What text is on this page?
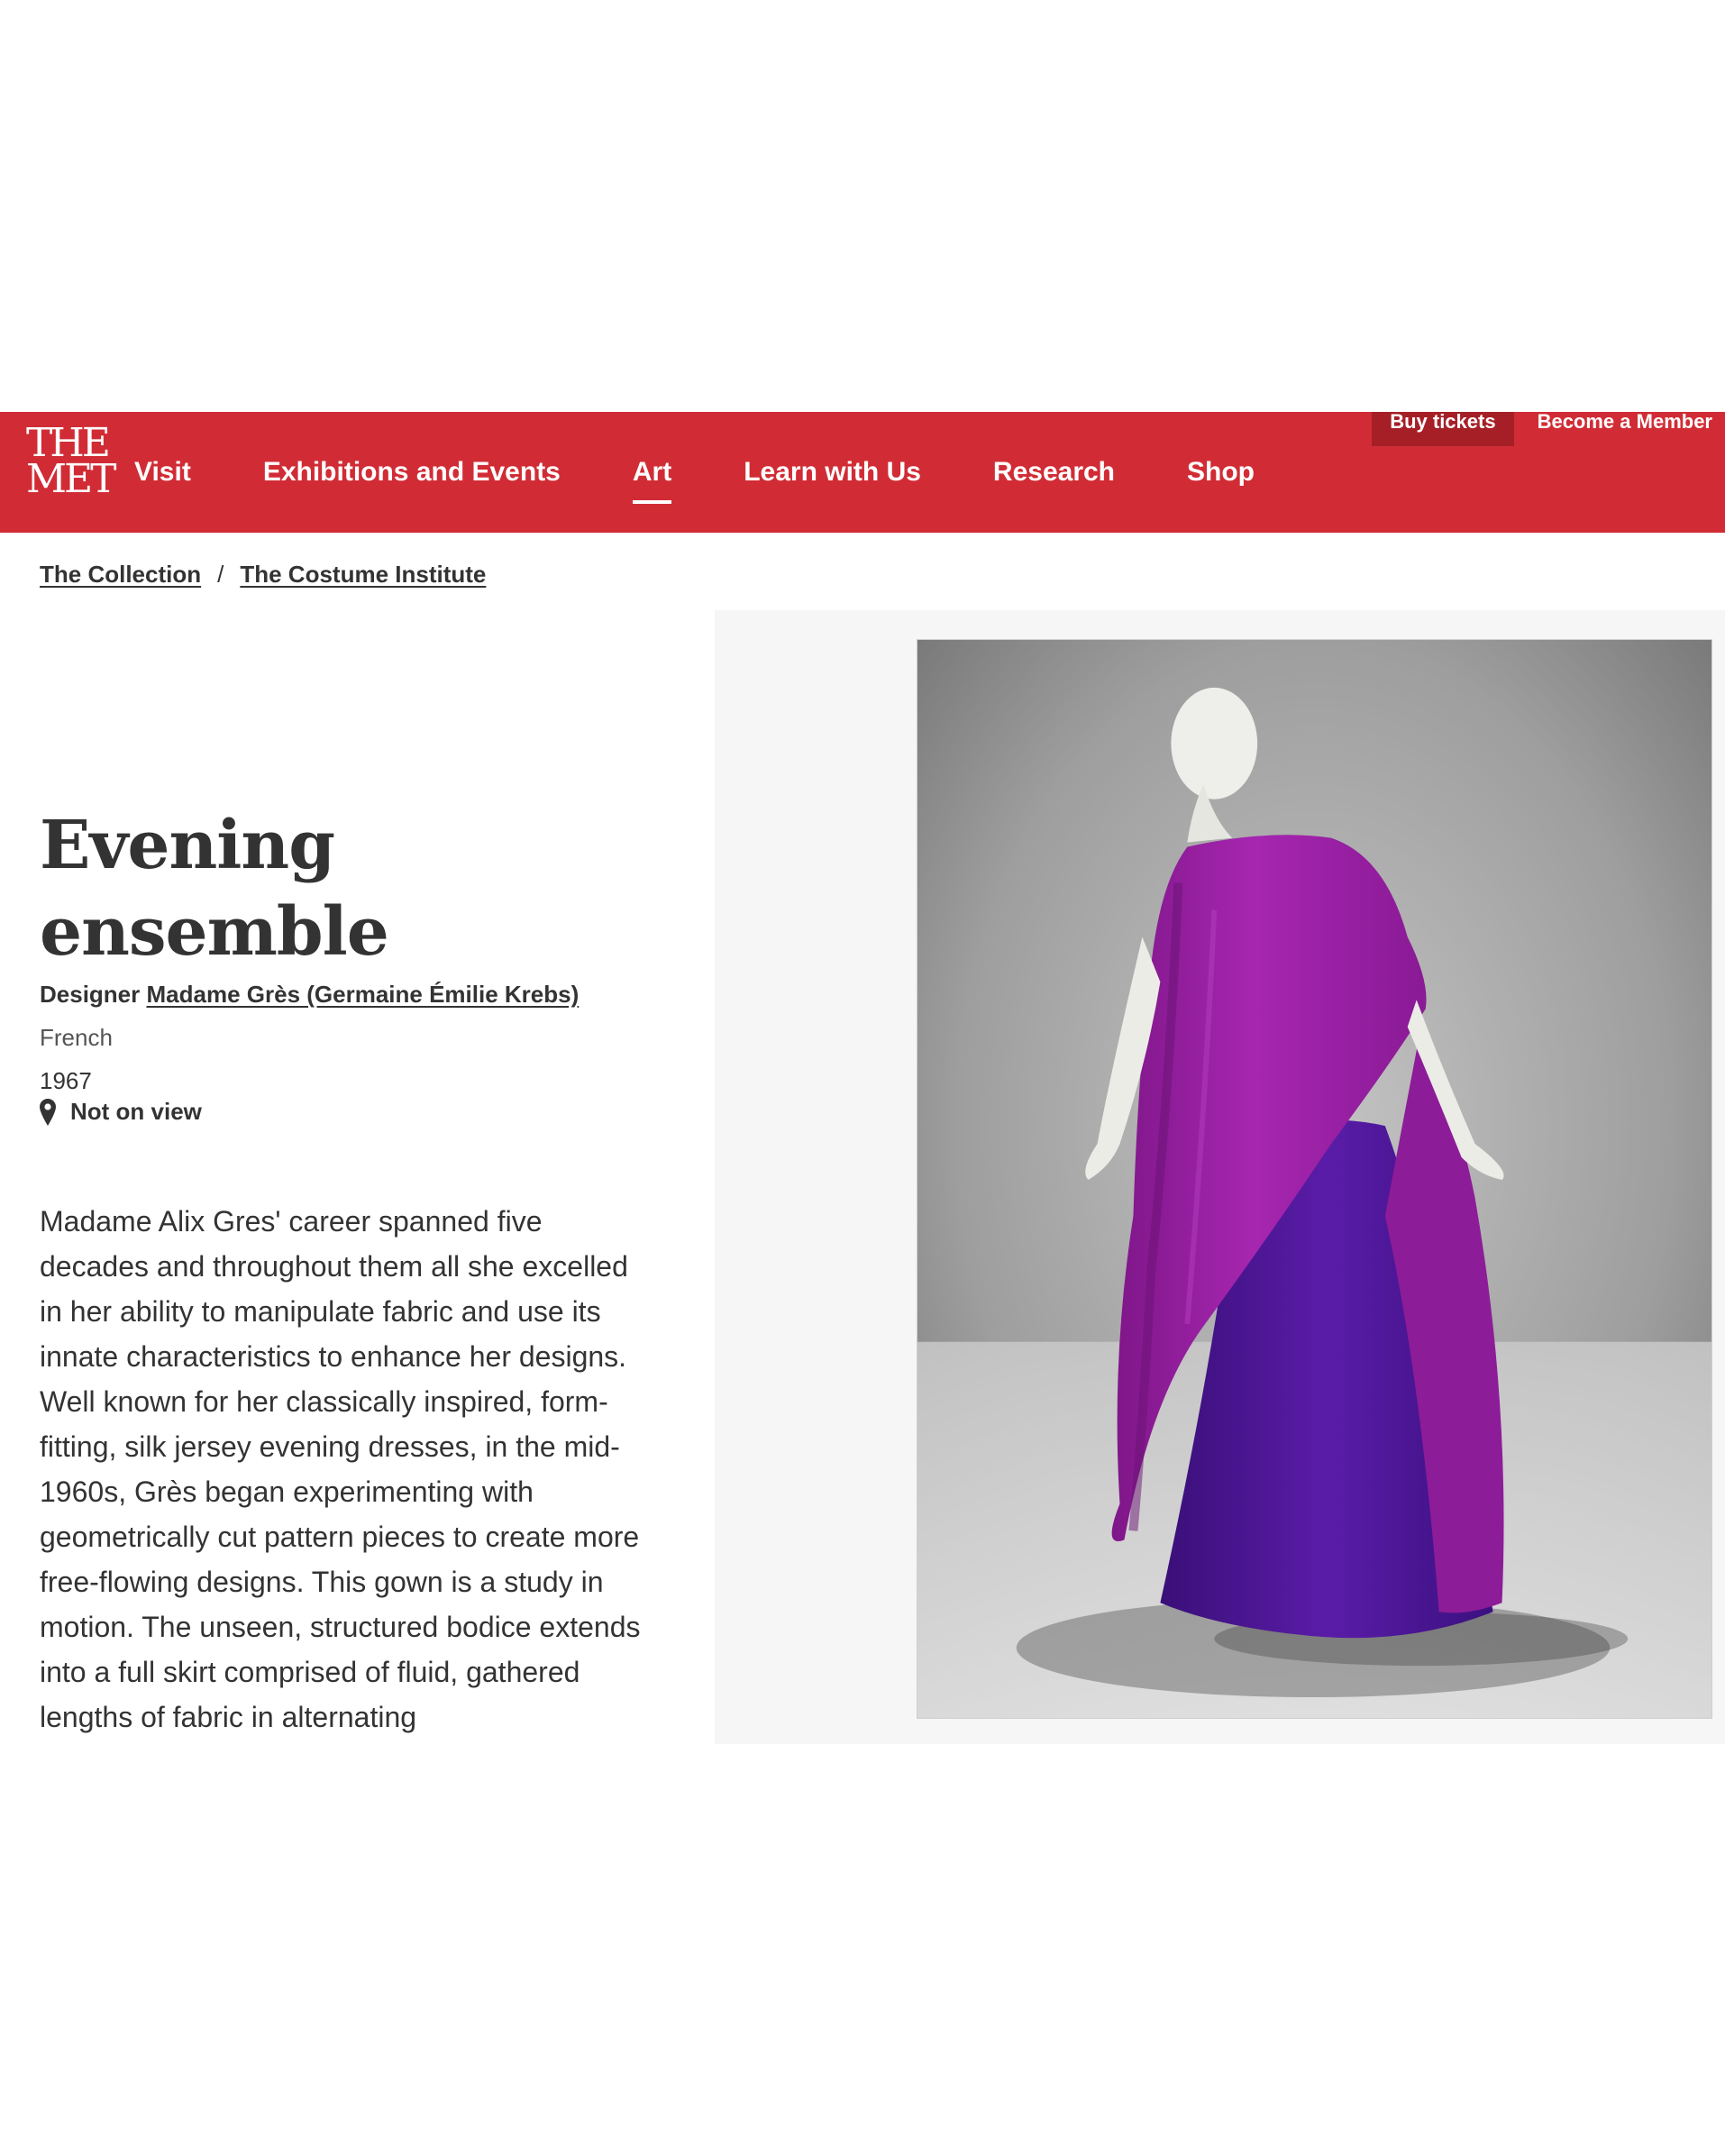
THE
MET Visit	Exhibitions and Events	Art	Learn with Us	Research	Shop
Buy tickets	Become a Member
The Collection / The Costume Institute
Evening ensemble
Designer Madame Grès (Germaine Émilie Krebs)
French
1967
Not on view

Madame Alix Gres' career spanned five decades and throughout them all she excelled in her ability to manipulate fabric and use its innate characteristics to enhance her designs. Well known for her classically inspired, form-fitting, silk jersey evening dresses, in the mid-1960s, Grès began experimenting with geometrically cut pattern pieces to create more free-flowing designs. This gown is a study in motion. The unseen, structured bodice extends into a full skirt comprised of fluid, gathered lengths of fabric in alternating
